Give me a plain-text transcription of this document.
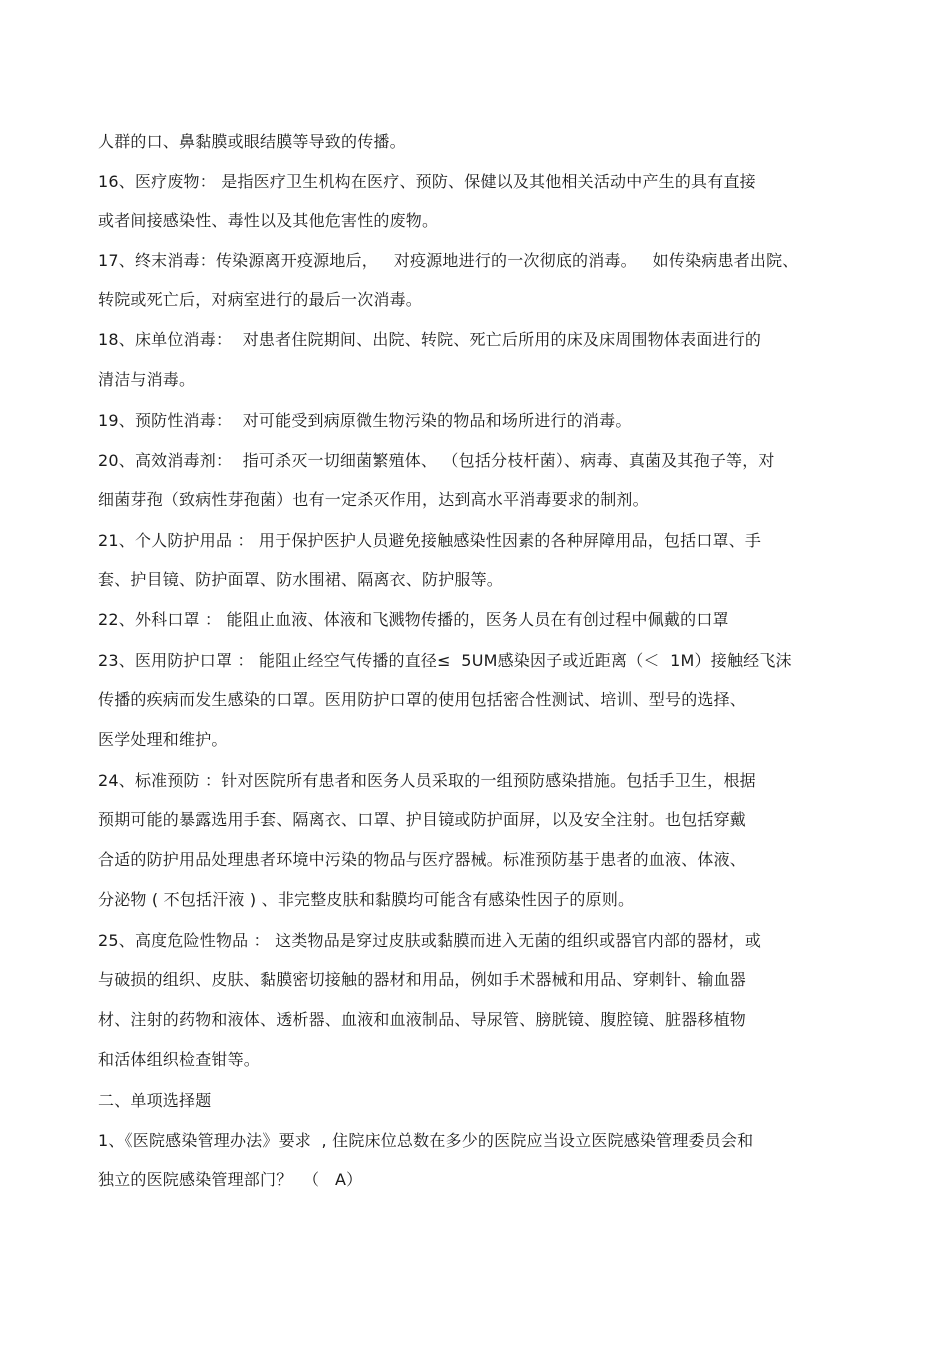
人群的口、鼻黏膜或眼结膜等导致的传播。
16、医疗废物： 是指医疗卫生机构在医疗、预防、保健以及其他相关活动中产生的具有直接
或者间接感染性、毒性以及其他危害性的废物。
17、终末消毒：传染源离开疫源地后，   对疫源地进行的一次彻底的消毒。   如传染病患者出院、
转院或死亡后，对病室进行的最后一次消毒。
18、床单位消毒：  对患者住院期间、出院、转院、死亡后所用的床及床周围物体表面进行的
清洁与消毒。
19、预防性消毒：  对可能受到病原微生物污染的物品和场所进行的消毒。
20、高效消毒剂：  指可杀灭一切细菌繁殖体、 （包括分枝杆菌）、病毒、真菌及其孢子等，对
细菌芽孢（致病性芽孢菌）也有一定杀灭作用，达到高水平消毒要求的制剂。
21、个人防护用品 ： 用于保护医护人员避免接触感染性因素的各种屏障用品，包括口罩、手
套、护目镜、防护面罩、防水围裙、隔离衣、防护服等。
22、外科口罩 ： 能阻止血液、体液和飞溅物传播的，医务人员在有创过程中佩戴的口罩
23、医用防护口罩 ： 能阻止经空气传播的直径≤  5UM感染因子或近距离（＜  1M）接触经飞沫
传播的疾病而发生感染的口罩。医用防护口罩的使用包括密合性测试、培训、型号的选择、
医学处理和维护。
24、标准预防 ：针对医院所有患者和医务人员采取的一组预防感染措施。包括手卫生，根据
预期可能的暴露选用手套、隔离衣、口罩、护目镜或防护面屏，以及安全注射。也包括穿戴
合适的防护用品处理患者环境中污染的物品与医疗器械。标准预防基于患者的血液、体液、
分泌物 ( 不包括汗液 ) 、非完整皮肤和黏膜均可能含有感染性因子的原则。
25、高度危险性物品 ： 这类物品是穿过皮肤或黏膜而进入无菌的组织或器官内部的器材，或
与破损的组织、皮肤、黏膜密切接触的器材和用品，例如手术器械和用品、穿刺针、输血器
材、注射的药物和液体、透析器、血液和血液制品、导尿管、膀胱镜、腹腔镜、脏器移植物
和活体组织检查钳等。
二、单项选择题
1、《医院感染管理办法》要求  , 住院床位总数在多少的医院应当设立医院感染管理委员会和
独立的医院感染管理部门？  （   A）
